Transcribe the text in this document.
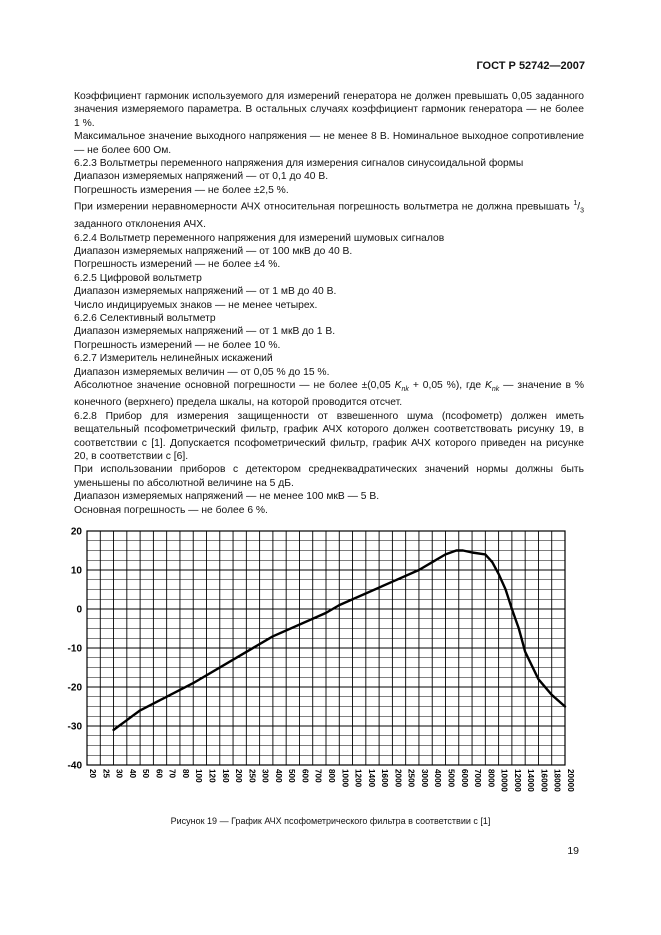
ГОСТ Р 52742—2007

Коэффициент гармоник используемого для измерений генератора не должен превышать 0,05 заданного значения измеряемого параметра. В остальных случаях коэффициент гармоник генератора — не более 1 %.

Максимальное значение выходного напряжения — не менее 8 В. Номинальное выходное сопротивление — не более 600 Ом.

6.2.3 Вольтметры переменного напряжения для измерения сигналов синусоидальной формы

Диапазон измеряемых напряжений — от 0,1 до 40 В.

Погрешность измерения — не более ±2,5 %.

При измерении неравномерности АЧХ относительная погрешность вольтметра не должна превышать $^1/_3$ заданного отклонения АЧХ.

6.2.4 Вольтметр переменного напряжения для измерений шумовых сигналов

Диапазон измеряемых напряжений — от 100 мкВ до 40 В.

Погрешность измерений — не более ±4 %.

6.2.5 Цифровой вольтметр

Диапазон измеряемых напряжений — от 1 мВ до 40 В.

Число индицируемых знаков — не менее четырех.

6.2.6 Селективный вольтметр

Диапазон измеряемых напряжений — от 1 мкВ до 1 В.

Погрешность измерений — не более 10 %.

6.2.7 Измеритель нелинейных искажений

Диапазон измеряемых величин — от 0,05 % до 15 %.

Абсолютное значение основной погрешности — не более ±(0,05 $K_{nk} + 0,05$ %), где $K_{nk}$ — значение в % конечного (верхнего) предела шкалы, на которой проводится отсчет.

6.2.8 Прибор для измерения защищенности от взвешенного шума (псофометр) должен иметь вещательный псофометрический фильтр, график АЧХ которого должен соответствовать рисунку 19, в соответствии с [1]. Допускается псофометрический фильтр, график АЧХ которого приведен на рисунке 20, в соответствии с [6].

При использовании приборов с детектором среднеквадратических значений нормы должны быть уменьшены по абсолютной величине на 5 дБ.

Диапазон измеряемых напряжений — не менее 100 мкВ — 5 В.

Основная погрешность — не более 6 %.

20
10
0
-10
-20
-30
-40
20 25 30 40 50 60 70 80 100 120 160 200 250 300 400 500 600 700 800 1000 1200 1400 1600 2000 2500 3000 4000 5000 6000 7000 8000 10000 12000 14000 16000 18000 20000
Рисунок 19 — График АЧХ псофометрического фильтра в соответствии с [1]
19
